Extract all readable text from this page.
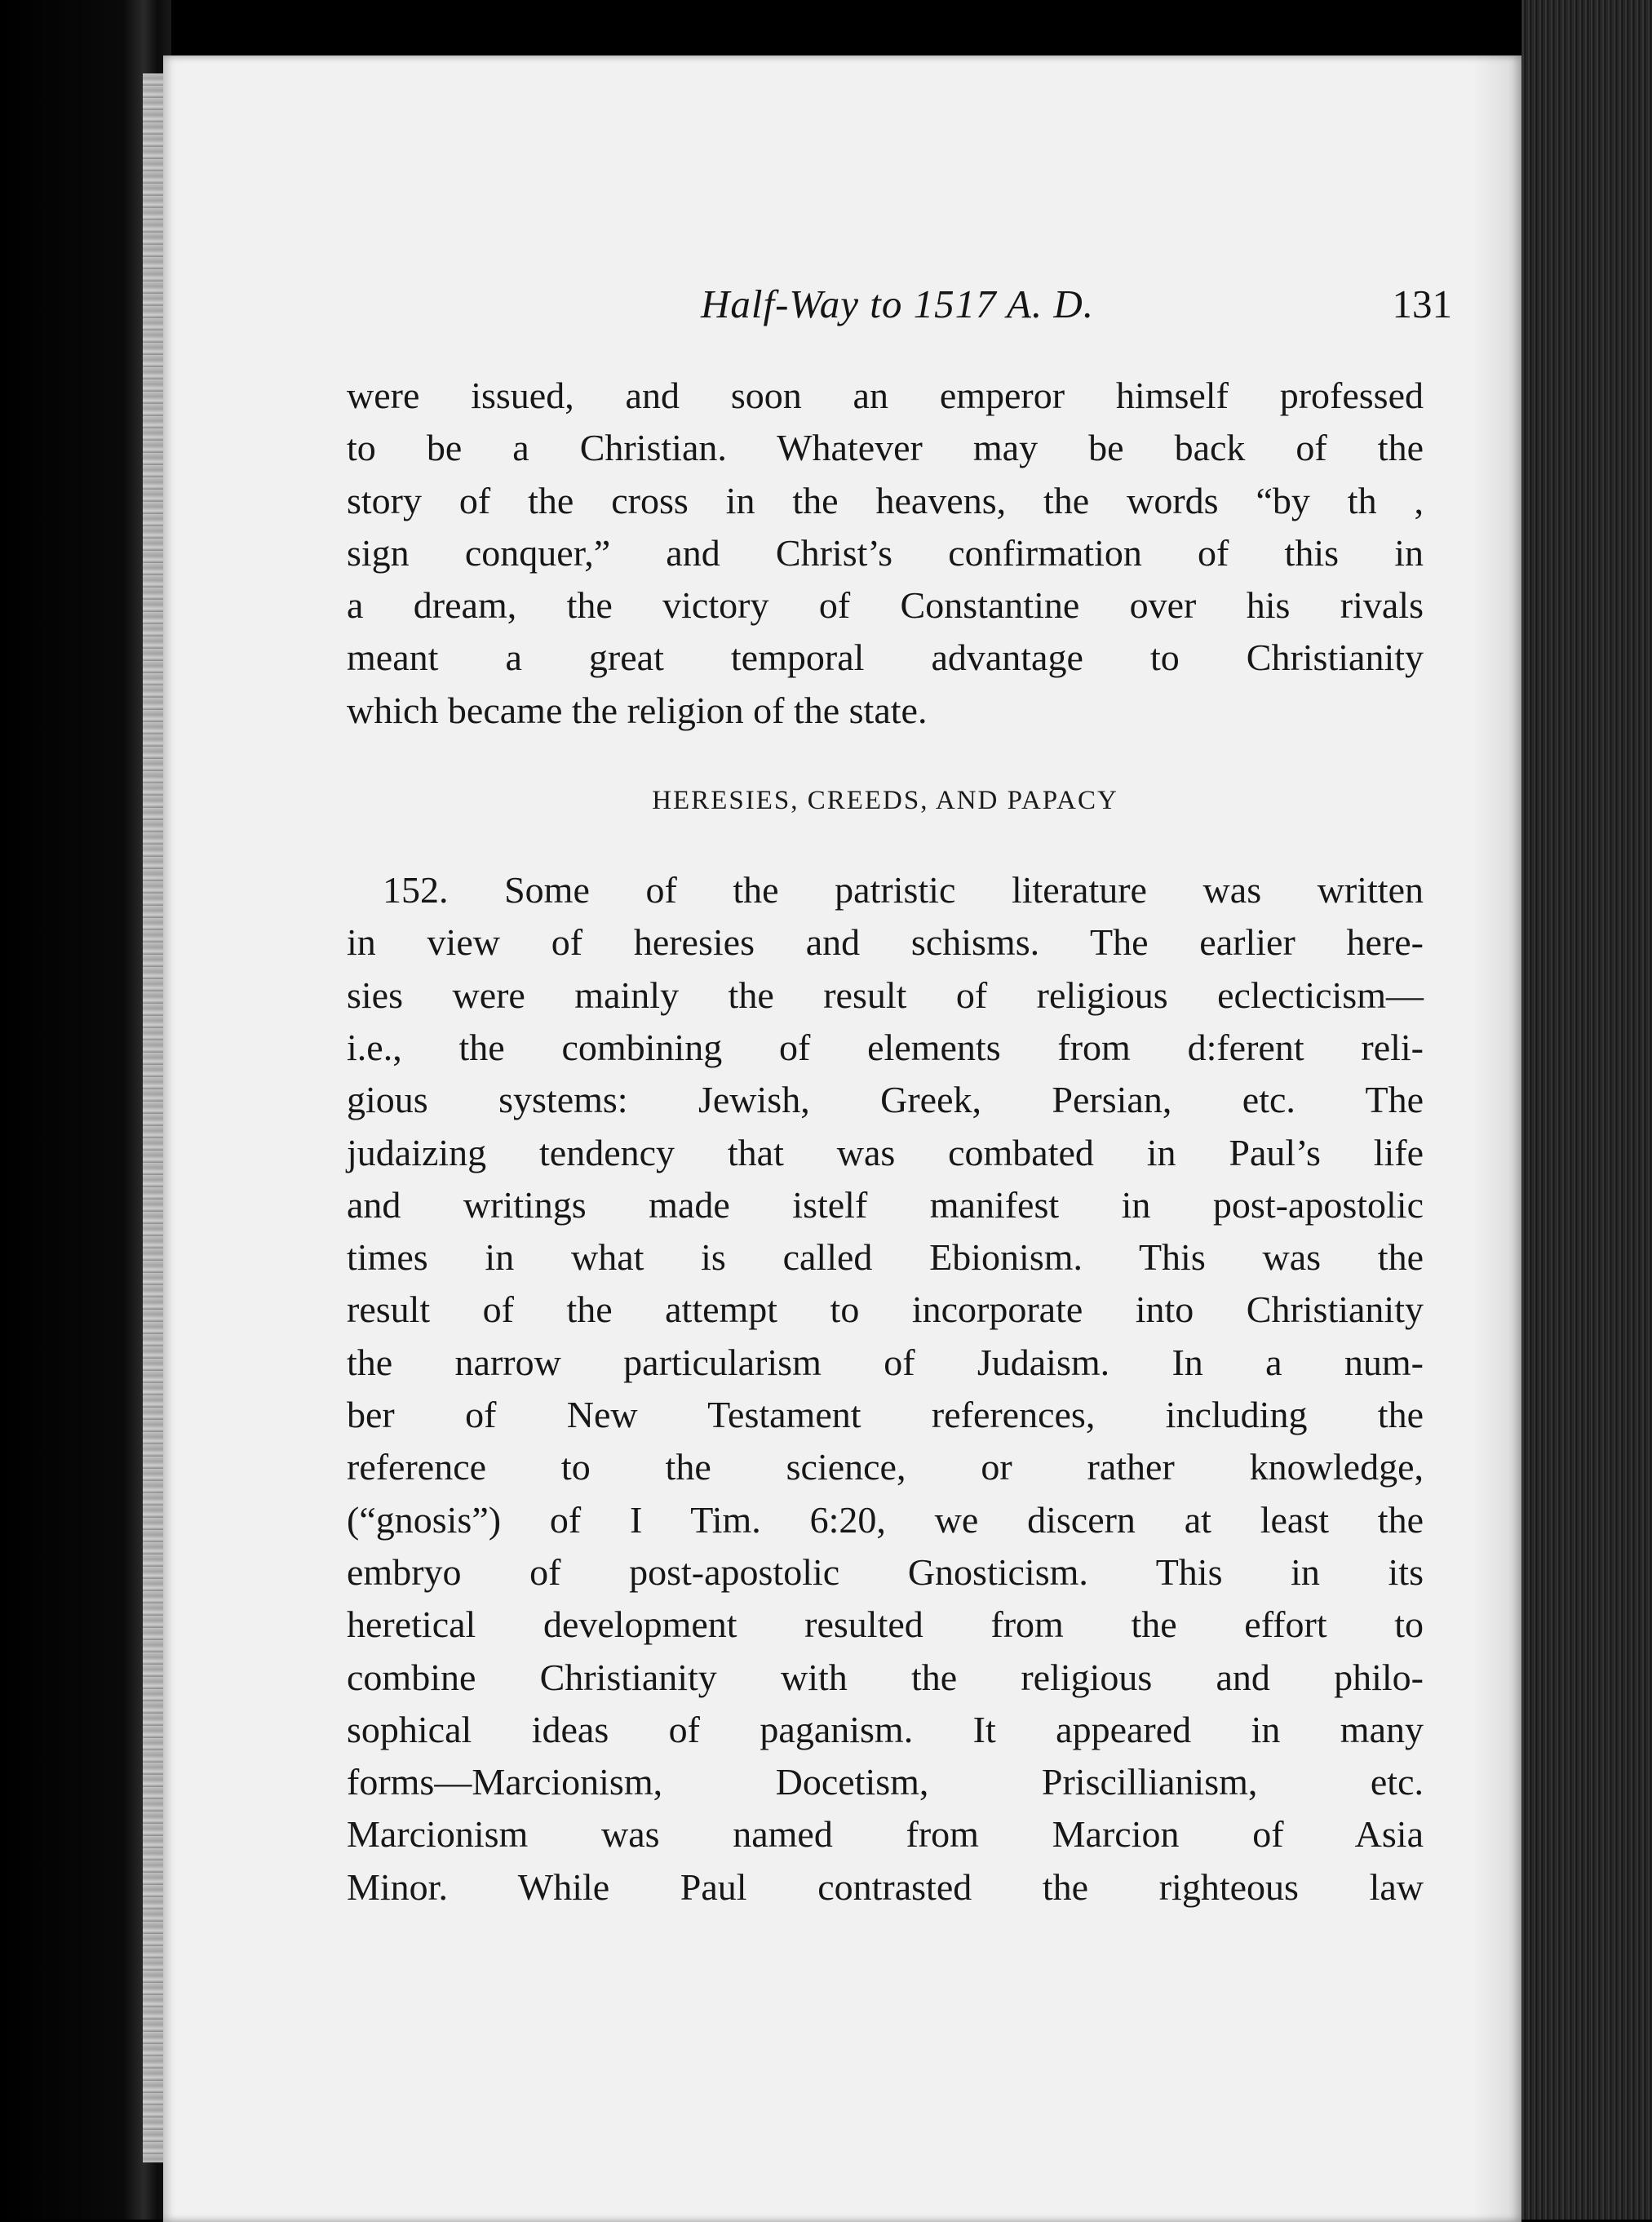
Half-Way to 1517 A. D.	131
were issued, and soon an emperor himself professed
to be a Christian. Whatever may be back of the
story of the cross in the heavens, the words “by th ,
sign conquer,” and Christ’s confirmation of this in
a dream, the victory of Constantine over his rivals
meant a great temporal advantage to Christianity
which became the religion of the state.
HERESIES, CREEDS, AND PAPACY
152. Some of the patristic literature was written
in view of heresies and schisms. The earlier here-
sies were mainly the result of religious eclecticism—
i.e., the combining of elements from d:ferent reli-
gious systems: Jewish, Greek, Persian, etc. The
judaizing tendency that was combated in Paul’s life
and writings made istelf manifest in post-apostolic
times in what is called Ebionism. This was the
result of the attempt to incorporate into Christianity
the narrow particularism of Judaism. In a num-
ber of New Testament references, including the
reference to the science, or rather knowledge,
(“gnosis”) of I Tim. 6:20, we discern at least the
embryo of post-apostolic Gnosticism. This in its
heretical development resulted from the effort to
combine Christianity with the religious and philo-
sophical ideas of paganism. It appeared in many
forms—Marcionism, Docetism, Priscillianism, etc.
Marcionism was named from Marcion of Asia
Minor. While Paul contrasted the righteous law
